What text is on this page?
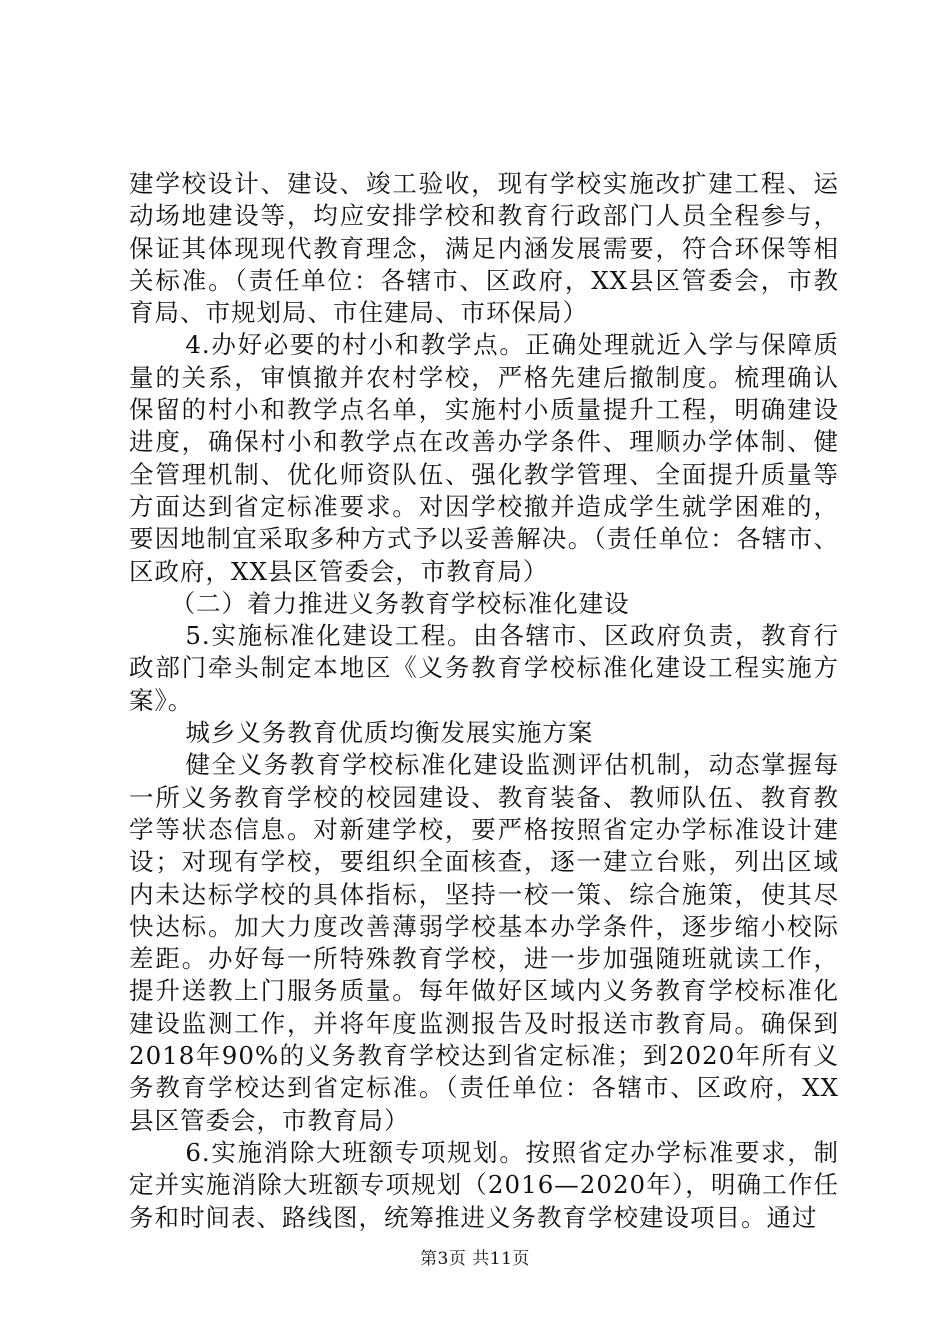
建学校设计、建设、竣工验收，现有学校实施改扩建工程、运动场地建设等，均应安排学校和教育行政部门人员全程参与，保证其体现现代教育理念，满足内涵发展需要，符合环保等相关标准。（责任单位：各辖市、区政府，XX县区管委会，市教育局、市规划局、市住建局、市环保局）

4.办好必要的村小和教学点。正确处理就近入学与保障质量的关系，审慎撤并农村学校，严格先建后撤制度。梳理确认保留的村小和教学点名单，实施村小质量提升工程，明确建设进度，确保村小和教学点在改善办学条件、理顺办学体制、健全管理机制、优化师资队伍、强化教学管理、全面提升质量等方面达到省定标准要求。对因学校撤并造成学生就学困难的，要因地制宜采取多种方式予以妥善解决。（责任单位：各辖市、区政府，XX县区管委会，市教育局）

（二）着力推进义务教育学校标准化建设

5.实施标准化建设工程。由各辖市、区政府负责，教育行政部门牵头制定本地区《义务教育学校标准化建设工程实施方案》。

城乡义务教育优质均衡发展实施方案

健全义务教育学校标准化建设监测评估机制，动态掌握每一所义务教育学校的校园建设、教育装备、教师队伍、教育教学等状态信息。对新建学校，要严格按照省定办学标准设计建设；对现有学校，要组织全面核查，逐一建立台账，列出区域内未达标学校的具体指标，坚持一校一策、综合施策，使其尽快达标。加大力度改善薄弱学校基本办学条件，逐步缩小校际差距。办好每一所特殊教育学校，进一步加强随班就读工作，提升送教上门服务质量。每年做好区域内义务教育学校标准化建设监测工作，并将年度监测报告及时报送市教育局。确保到2018年90%的义务教育学校达到省定标准；到2020年所有义务教育学校达到省定标准。（责任单位：各辖市、区政府，XX县区管委会，市教育局）

6.实施消除大班额专项规划。按照省定办学标准要求，制定并实施消除大班额专项规划（2016—2020年），明确工作任务和时间表、路线图，统筹推进义务教育学校建设项目。通过

第3页 共11页
